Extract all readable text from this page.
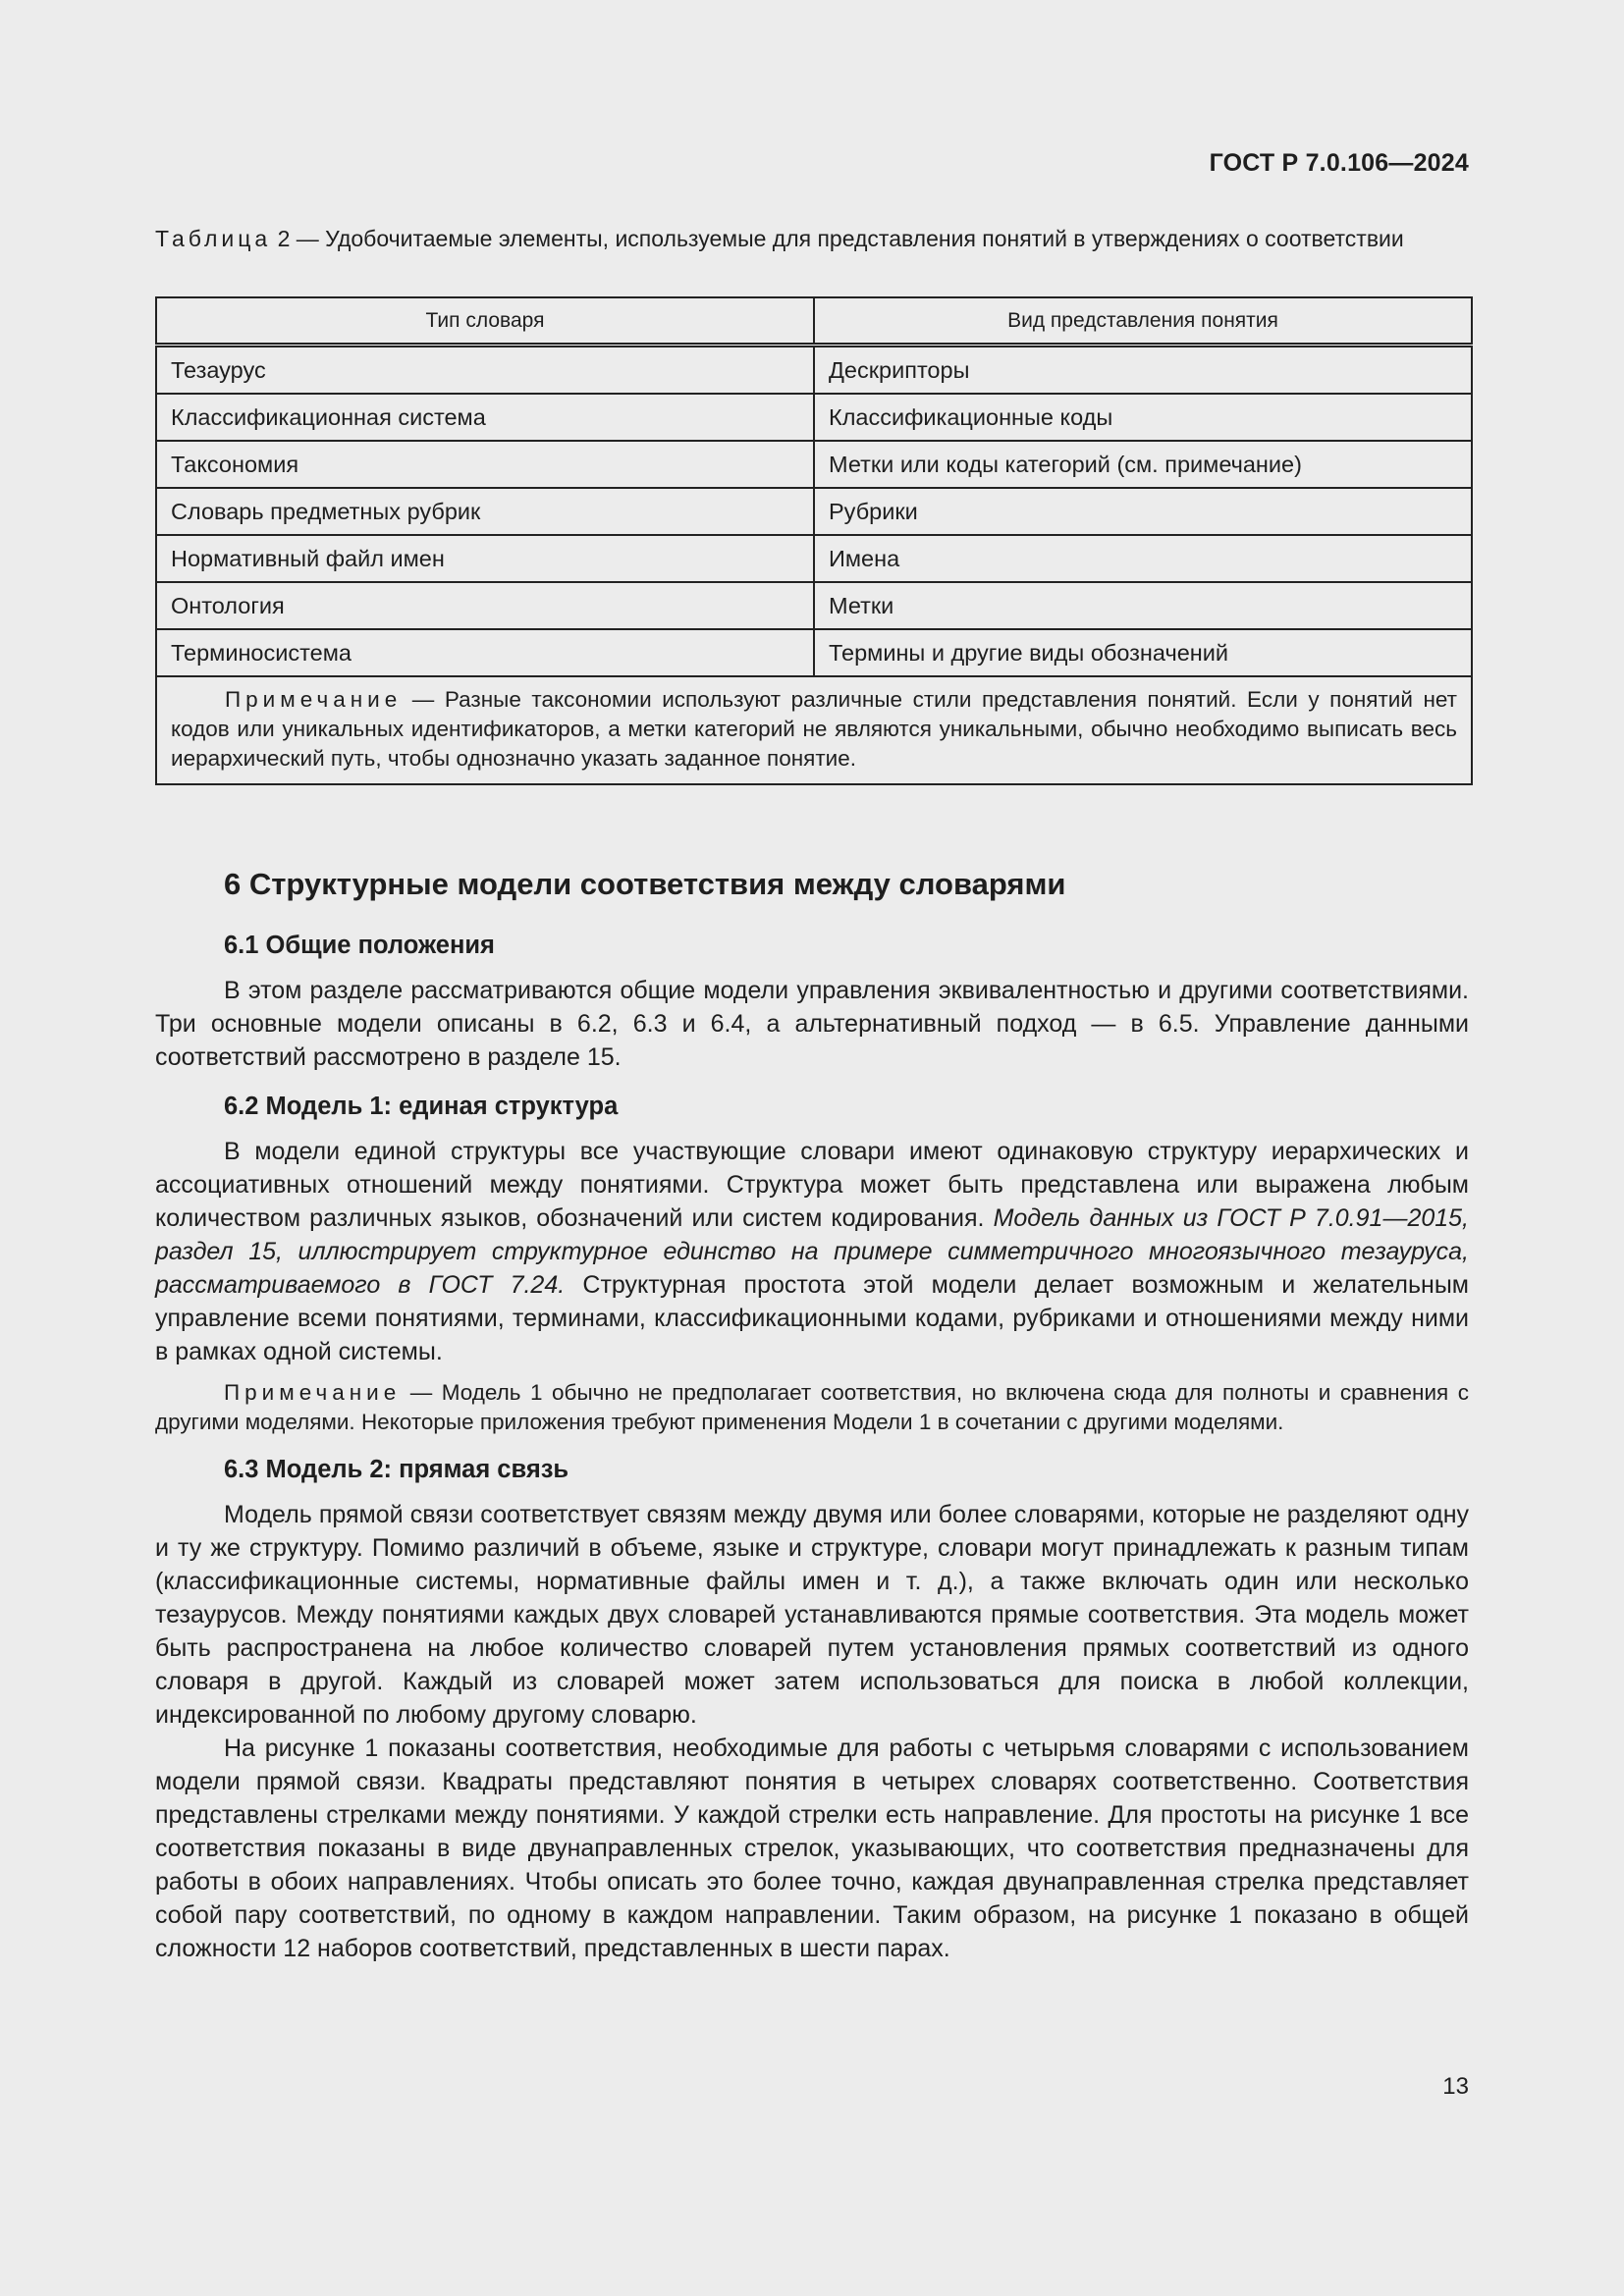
ГОСТ Р 7.0.106—2024
Таблица 2 — Удобочитаемые элементы, используемые для представления понятий в утверждениях о соответствии
Тип словаря	Вид представления понятия
Тезаурус	Дескрипторы
Классификационная система	Классификационные коды
Таксономия	Метки или коды категорий (см. примечание)
Словарь предметных рубрик	Рубрики
Нормативный файл имен	Имена
Онтология	Метки
Терминосистема	Термины и другие виды обозначений
Примечание — Разные таксономии используют различные стили представления понятий. Если у понятий нет кодов или уникальных идентификаторов, а метки категорий не являются уникальными, обычно необходимо выписать весь иерархический путь, чтобы однозначно указать заданное понятие.	
6 Структурные модели соответствия между словарями
6.1 Общие положения

В этом разделе рассматриваются общие модели управления эквивалентностью и другими соответствиями. Три основные модели описаны в 6.2, 6.3 и 6.4, а альтернативный подход — в 6.5. Управление данными соответствий рассмотрено в разделе 15.

6.2 Модель 1: единая структура

В модели единой структуры все участвующие словари имеют одинаковую структуру иерархических и ассоциативных отношений между понятиями. Структура может быть представлена или выражена любым количеством различных языков, обозначений или систем кодирования. Модель данных из ГОСТ Р 7.0.91—2015, раздел 15, иллюстрирует структурное единство на примере симметричного многоязычного тезауруса, рассматриваемого в ГОСТ 7.24. Структурная простота этой модели делает возможным и желательным управление всеми понятиями, терминами, классификационными кодами, рубриками и отношениями между ними в рамках одной системы.

Примечание — Модель 1 обычно не предполагает соответствия, но включена сюда для полноты и сравнения с другими моделями. Некоторые приложения требуют применения Модели 1 в сочетании с другими моделями.

6.3 Модель 2: прямая связь

Модель прямой связи соответствует связям между двумя или более словарями, которые не разделяют одну и ту же структуру. Помимо различий в объеме, языке и структуре, словари могут принадлежать к разным типам (классификационные системы, нормативные файлы имен и т. д.), а также включать один или несколько тезаурусов. Между понятиями каждых двух словарей устанавливаются прямые соответствия. Эта модель может быть распространена на любое количество словарей путем установления прямых соответствий из одного словаря в другой. Каждый из словарей может затем использоваться для поиска в любой коллекции, индексированной по любому другому словарю.

На рисунке 1 показаны соответствия, необходимые для работы с четырьмя словарями с использованием модели прямой связи. Квадраты представляют понятия в четырех словарях соответственно. Соответствия представлены стрелками между понятиями. У каждой стрелки есть направление. Для простоты на рисунке 1 все соответствия показаны в виде двунаправленных стрелок, указывающих, что соответствия предназначены для работы в обоих направлениях. Чтобы описать это более точно, каждая двунаправленная стрелка представляет собой пару соответствий, по одному в каждом направлении. Таким образом, на рисунке 1 показано в общей сложности 12 наборов соответствий, представленных в шести парах.

13
